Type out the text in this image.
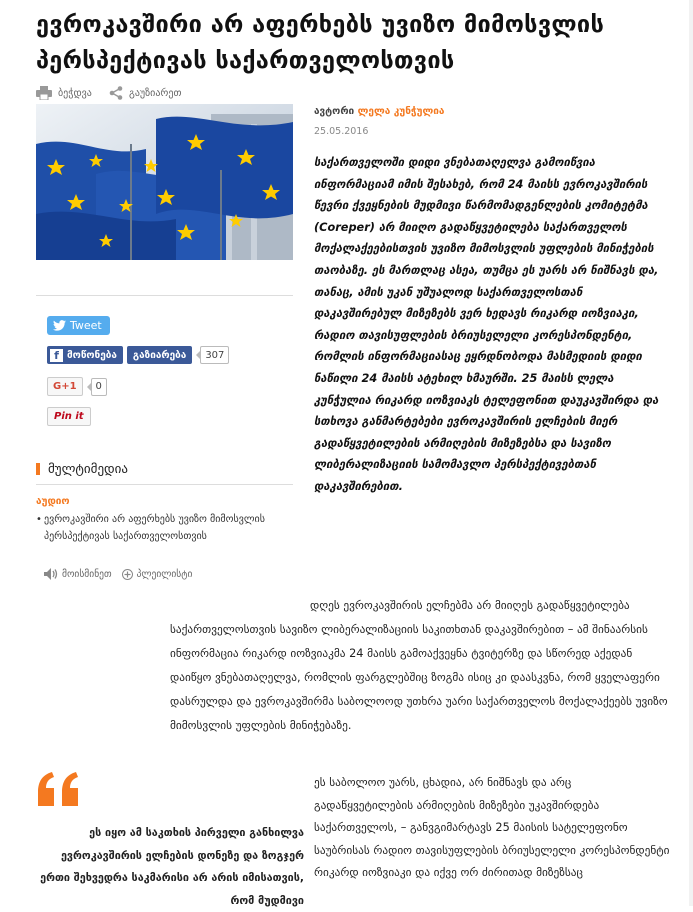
ევროკავშირი არ აფერხებს უვიზო მიმოსვლის პერსპექტივას საქართველოსთვის
ბეჭდვა
	გაუზიარეთ
Tweet
f მოწონება გაზიარება	307
G+1	0
Pin it
მულტიმედია
აუდიო
• ევროკავშირი არ აფერხებს უვიზო მიმოსვლის პერსპექტივას საქართველოსთვის
მოისმინეთ	პლეილისტი
ავტორი ლელა კუნჭულია
25.05.2016

საქართველოში დიდი ვნებათაღელვა გამოიწვია ინფორმაციამ იმის შესახებ, რომ 24 მაისს ევროკავშირის წევრი ქვეყნების მუდმივი წარმომადგენლების კომიტეტმა (Coreper) არ მიიღო გადაწყვეტილება საქართველოს მოქალაქეებისთვის უვიზო მიმოსვლის უფლების მინიჭების თაობაზე. ეს მართლაც ასეა, თუმცა ეს უარს არ ნიშნავს და, თანაც, ამის უკან უშუალოდ საქართველოსთან დაკავშირებულ მიზეზებს ვერ ხედავს რიკარდ იოზვიაკი, რადიო თავისუფლების ბრიუსელელი კორესპონდენტი, რომლის ინფორმაციასაც ეყრდნობოდა მასმედიის დიდი ნაწილი 24 მაისს ატეხილ ხმაურში. 25 მაისს ლელა კუნჭულია რიკარდ იოზვიაკს ტელეფონით დაუკავშირდა და სთხოვა განმარტებები ევროკავშირის ელჩების მიერ გადაწყვეტილების არმიღების მიზეზებსა და სავიზო ლიბერალიზაციის სამომავლო პერსპექტივებთან დაკავშირებით.

დღეს ევროკავშირის ელჩებმა არ მიიღეს გადაწყვეტილება საქართველოსთვის სავიზო ლიბერალიზაციის საკითხთან დაკავშირებით – ამ შინაარსის ინფორმაცია რიკარდ იოზვიაკმა 24 მაისს გამოაქვეყნა ტვიტერზე და სწორედ აქედან დაიწყო ვნებათაღელვა, რომლის ფარგლებშიც ზოგმა ისიც კი დაასკვნა, რომ ყველაფერი დასრულდა და ევროკავშირმა საბოლოოდ უთხრა უარი საქართველოს მოქალაქეებს უვიზო მიმოსვლის უფლების მინიჭებაზე.

ეს იყო ამ საკთხის პირველი განხილვა ევროკავშირის ელჩების დონეზე და ზოგჯერ ერთი შეხვედრა საკმარისი არ არის იმისათვის, რომ მუდმივი

ეს საბოლოო უარს, ცხადია, არ ნიშნავს და არც გადაწყვეტილების არმიღების მიზეზები უკავშირდება საქართველოს, – განვგიმარტავს 25 მაისის სატელეფონო საუბრისას რადიო თავისუფლების ბრიუსელელი კორესპონდენტი რიკარდ იოზვიაკი და იქვე ორ ძირითად მიზეზსაც
